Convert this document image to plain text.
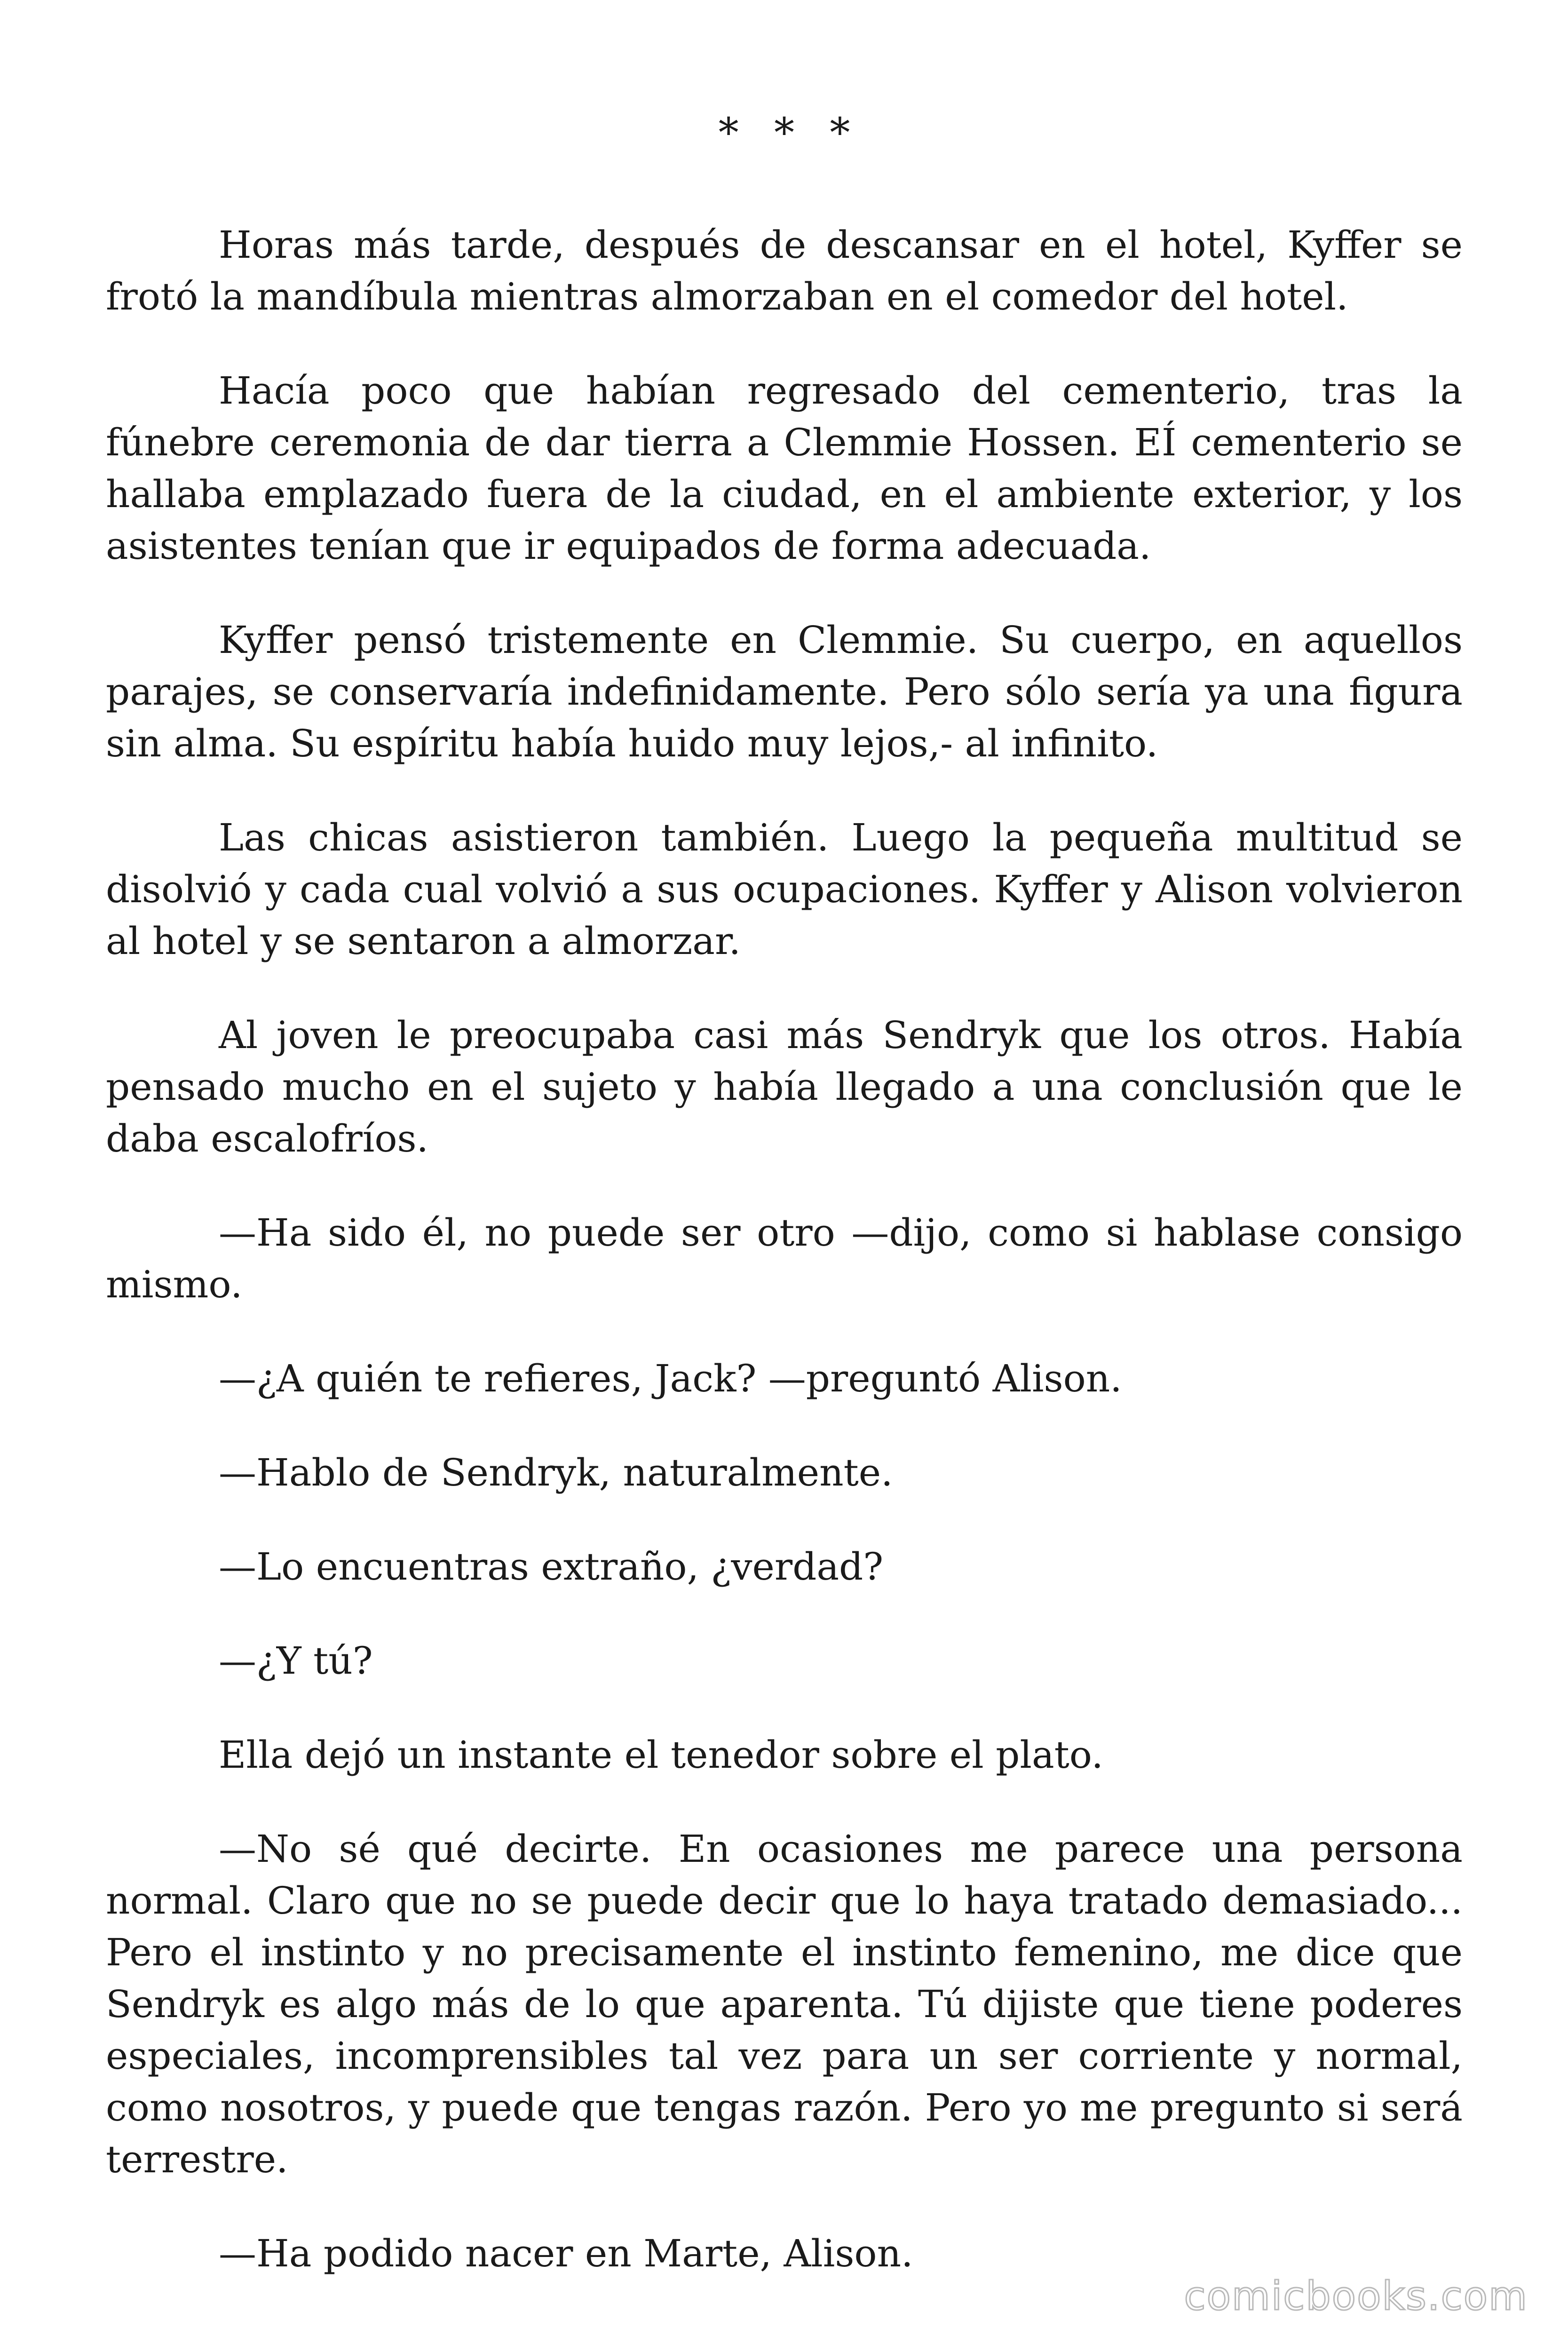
* * *

Horas más tarde, después de descansar en el hotel, Kyffer se frotó la mandíbula mientras almorzaban en el comedor del hotel.

Hacía poco que habían regresado del cementerio, tras la fúnebre ceremonia de dar tierra a Clemmie Hossen. EÍ cementerio se hallaba emplazado fuera de la ciudad, en el ambiente exterior, y los asistentes tenían que ir equipados de forma adecuada.

Kyffer pensó tristemente en Clemmie. Su cuerpo, en aquellos parajes, se conservaría indefinidamente. Pero sólo sería ya una figura sin alma. Su espíritu había huido muy lejos,- al infinito.

Las chicas asistieron también. Luego la pequeña multitud se disolvió y cada cual volvió a sus ocupaciones. Kyffer y Alison volvieron al hotel y se sentaron a almorzar.

Al joven le preocupaba casi más Sendryk que los otros. Había pensado mucho en el sujeto y había llegado a una conclusión que le daba escalofríos.

—Ha sido él, no puede ser otro —dijo, como si hablase consigo mismo.

—¿A quién te refieres, Jack? —preguntó Alison.

—Hablo de Sendryk, naturalmente.

—Lo encuentras extraño, ¿verdad?

—¿Y tú?

Ella dejó un instante el tenedor sobre el plato.

—No sé qué decirte. En ocasiones me parece una persona normal. Claro que no se puede decir que lo haya tratado demasiado... Pero el instinto y no precisamente el instinto femenino, me dice que Sendryk es algo más de lo que aparenta. Tú dijiste que tiene poderes especiales, incomprensibles tal vez para un ser corriente y normal, como nosotros, y puede que tengas razón. Pero yo me pregunto si será terrestre.

—Ha podido nacer en Marte, Alison.

comicbooks.com
